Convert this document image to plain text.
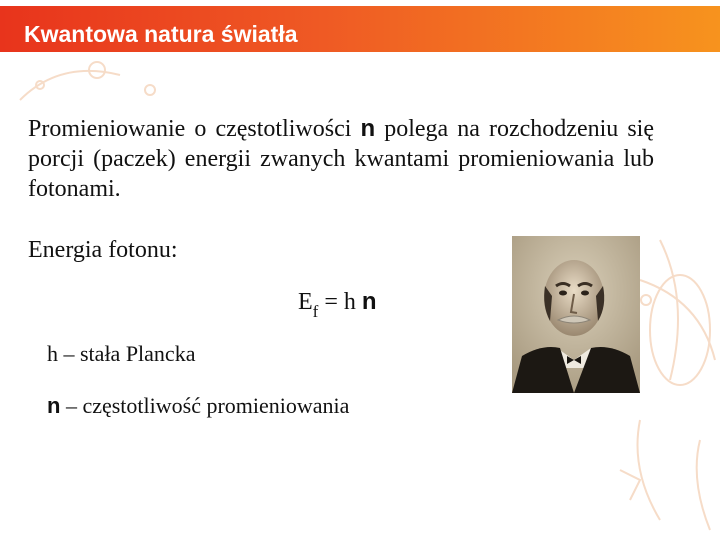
Kwantowa natura światła

Promieniowanie o częstotliwości n polega na rozchodzeniu się porcji (paczek) energii zwanych kwantami promieniowania lub fotonami.

Energia fotonu:
$E_f = h$ n
h – stała Plancka
n – częstotliwość promieniowania
